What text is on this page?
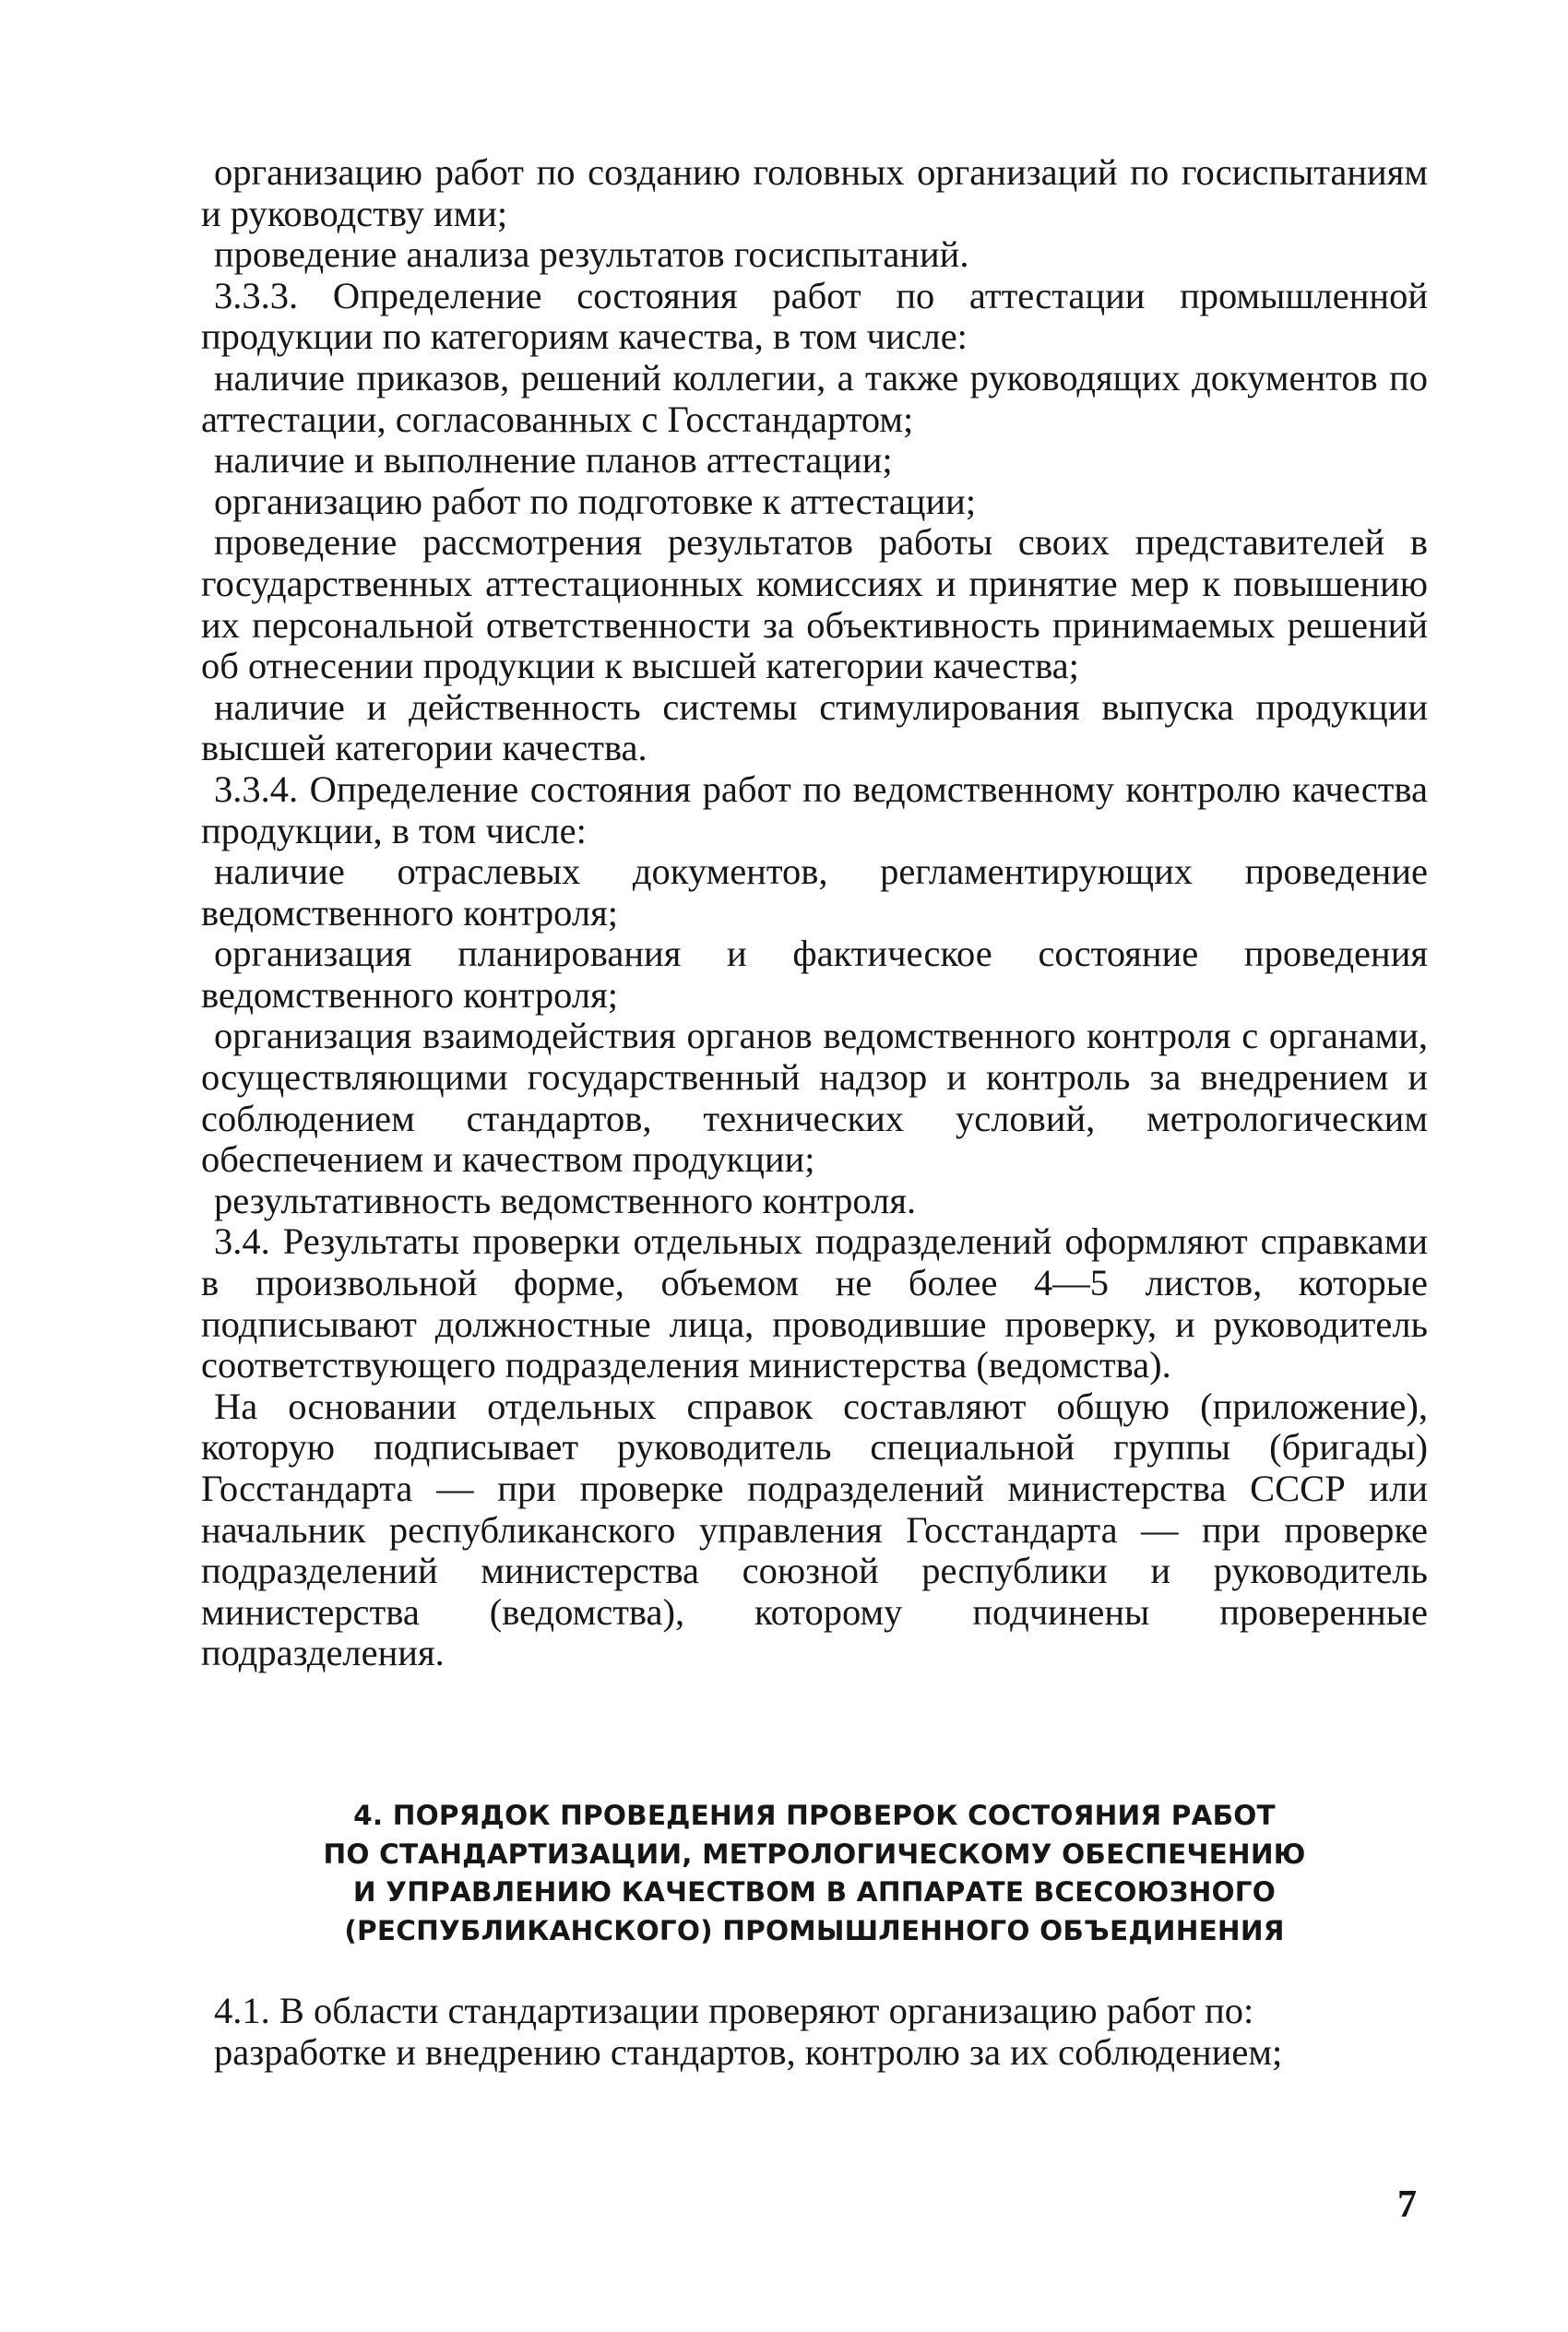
организацию работ по созданию головных организаций по госиспытаниям и руководству ими;

проведение анализа результатов госиспытаний.

3.3.3. Определение состояния работ по аттестации промышленной продукции по категориям качества, в том числе:

наличие приказов, решений коллегии, а также руководящих документов по аттестации, согласованных с Госстандартом;

наличие и выполнение планов аттестации;

организацию работ по подготовке к аттестации;

проведение рассмотрения результатов работы своих представителей в государственных аттестационных комиссиях и принятие мер к повышению их персональной ответственности за объективность принимаемых решений об отнесении продукции к высшей категории качества;

наличие и действенность системы стимулирования выпуска продукции высшей категории качества.

3.3.4. Определение состояния работ по ведомственному контролю качества продукции, в том числе:

наличие отраслевых документов, регламентирующих проведение ведомственного контроля;

организация планирования и фактическое состояние проведения ведомственного контроля;

организация взаимодействия органов ведомственного контроля с органами, осуществляющими государственный надзор и контроль за внедрением и соблюдением стандартов, технических условий, метрологическим обеспечением и качеством продукции;

результативность ведомственного контроля.

3.4. Результаты проверки отдельных подразделений оформляют справками в произвольной форме, объемом не более 4—5 листов, которые подписывают должностные лица, проводившие проверку, и руководитель соответствующего подразделения министерства (ведомства).

На основании отдельных справок составляют общую (приложение), которую подписывает руководитель специальной группы (бригады) Госстандарта — при проверке подразделений министерства СССР или начальник республиканского управления Госстандарта — при проверке подразделений министерства союзной республики и руководитель министерства (ведомства), которому подчинены проверенные подразделения.

4. ПОРЯДОК ПРОВЕДЕНИЯ ПРОВЕРОК СОСТОЯНИЯ РАБОТ
ПО СТАНДАРТИЗАЦИИ, МЕТРОЛОГИЧЕСКОМУ ОБЕСПЕЧЕНИЮ
И УПРАВЛЕНИЮ КАЧЕСТВОМ В АППАРАТЕ ВСЕСОЮЗНОГО
(РЕСПУБЛИКАНСКОГО) ПРОМЫШЛЕННОГО ОБЪЕДИНЕНИЯ

4.1. В области стандартизации проверяют организацию работ по:

разработке и внедрению стандартов, контролю за их соблюдением;

7
